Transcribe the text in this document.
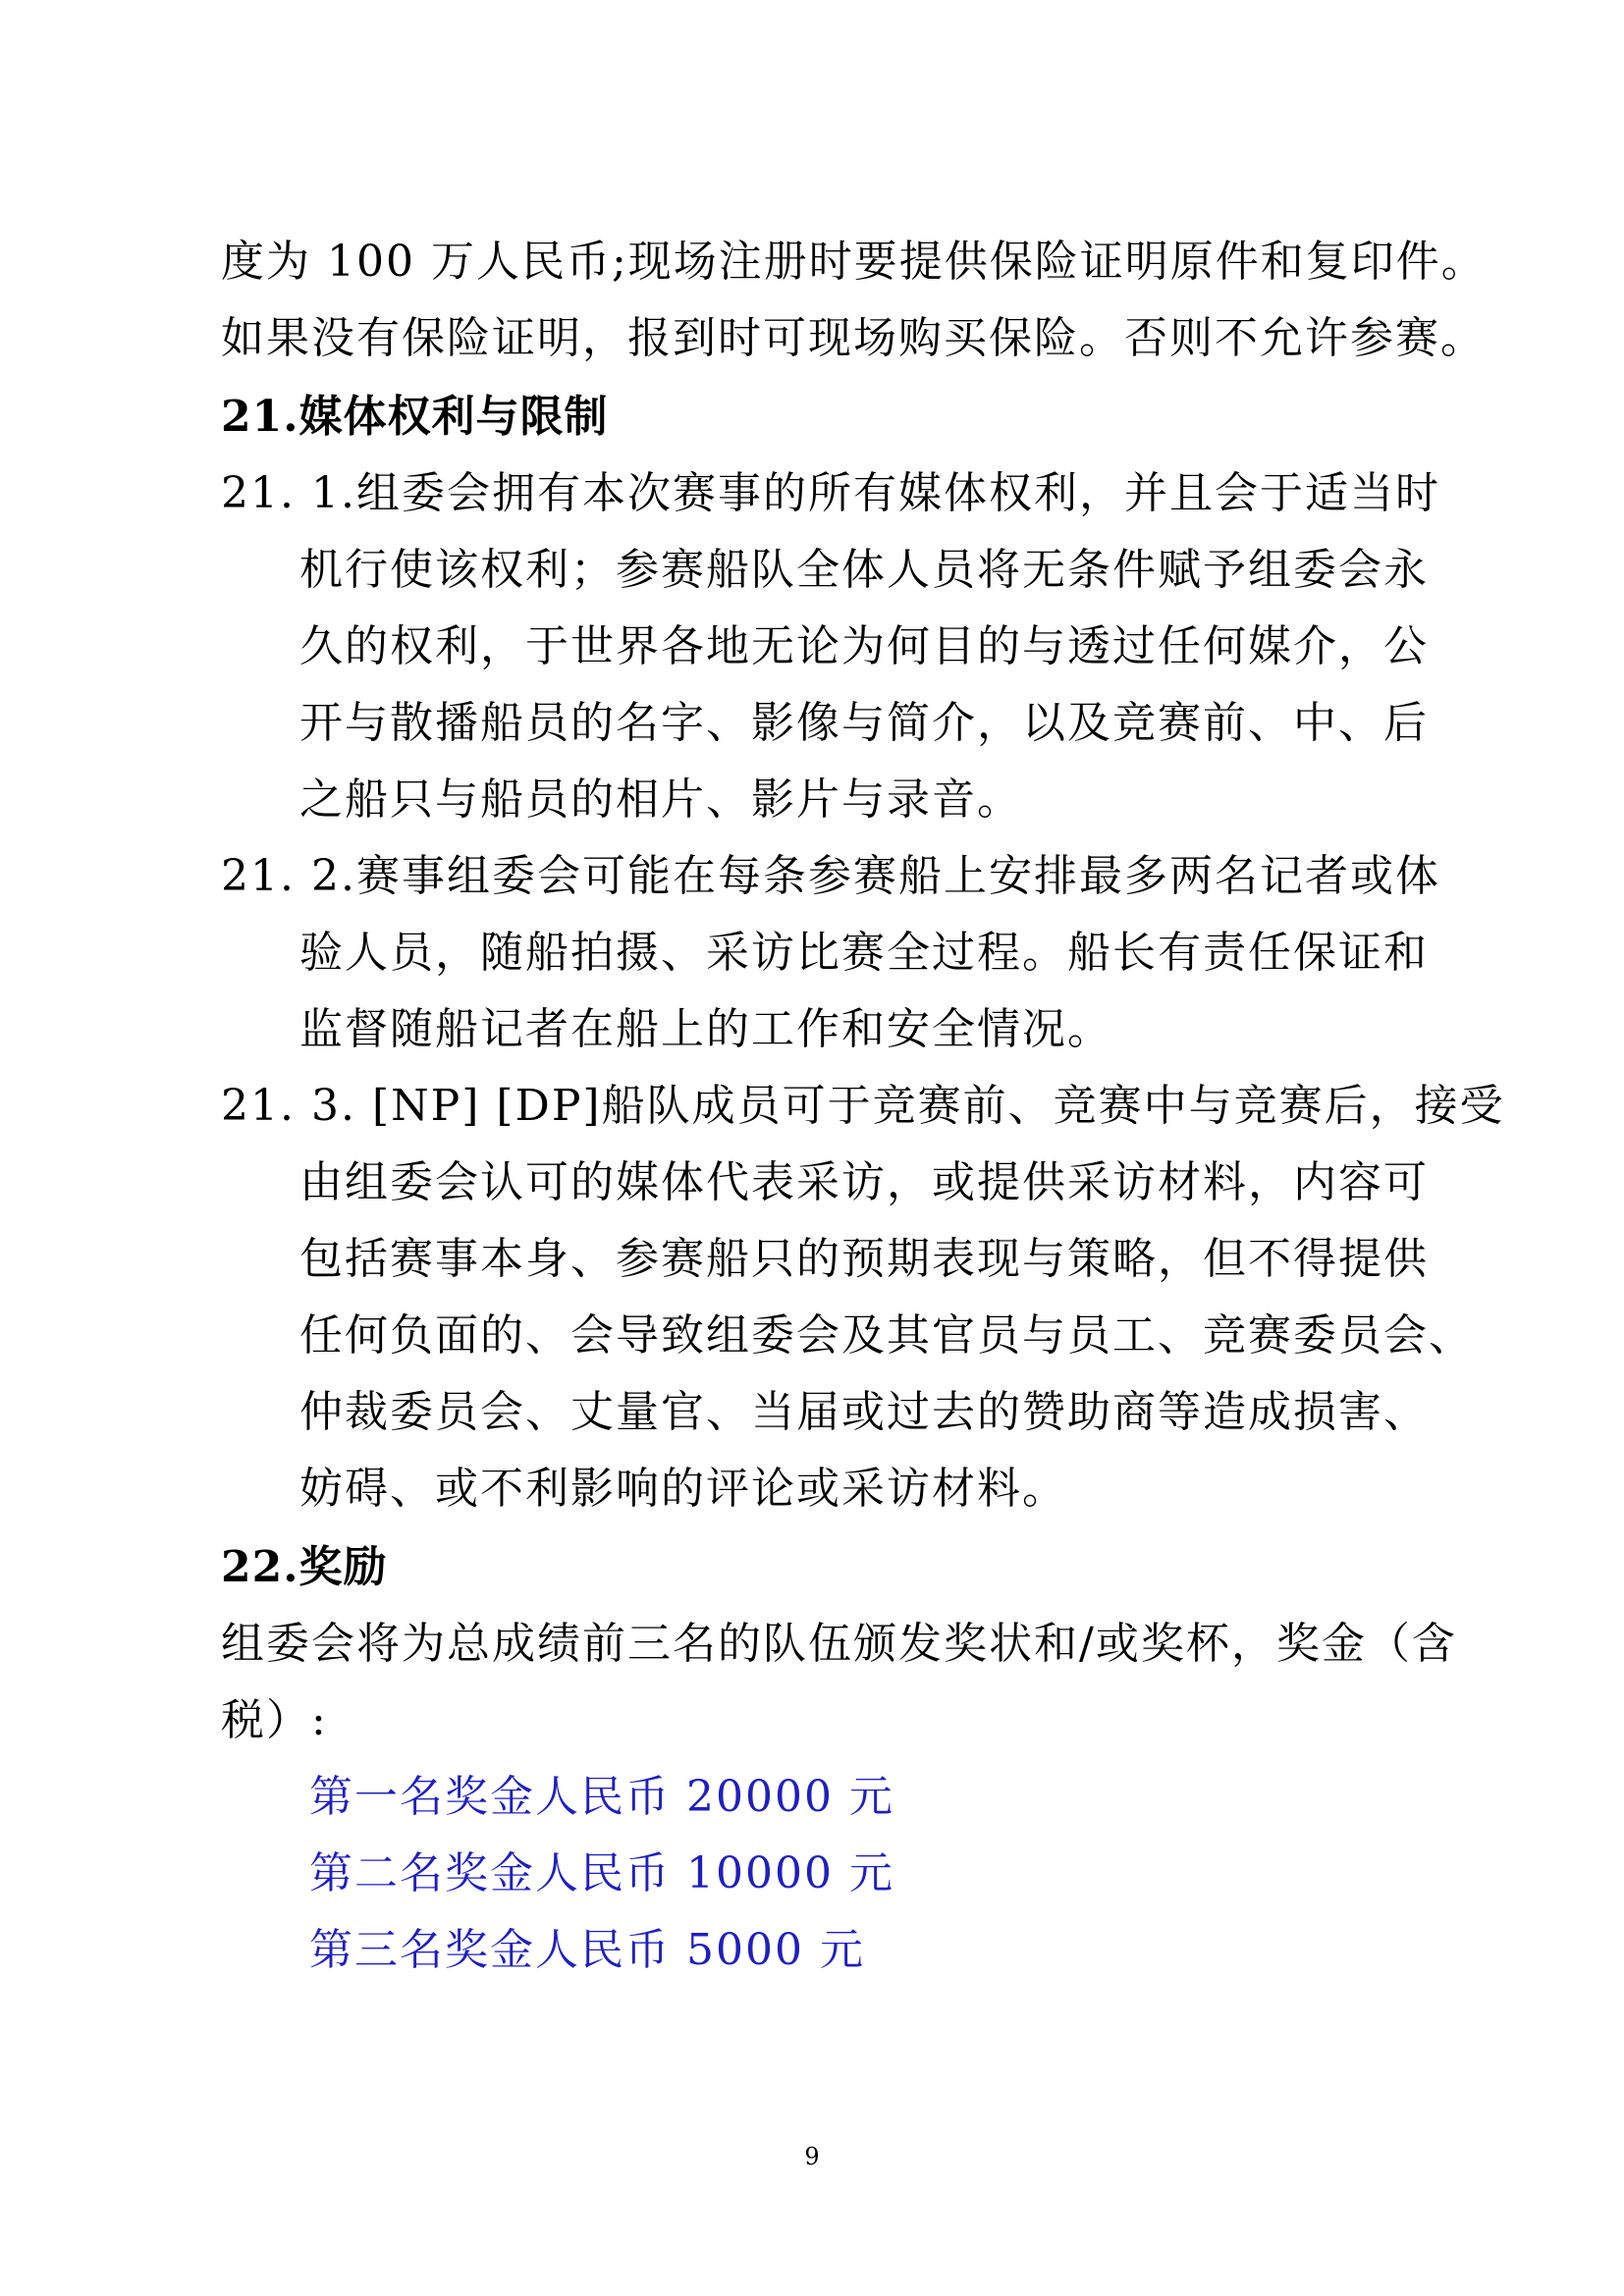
度为 100 万人民币;现场注册时要提供保险证明原件和复印件。
如果没有保险证明，报到时可现场购买保险。否则不允许参赛。
21.媒体权利与限制
21. 1.组委会拥有本次赛事的所有媒体权利，并且会于适当时
机行使该权利；参赛船队全体人员将无条件赋予组委会永
久的权利，于世界各地无论为何目的与透过任何媒介，公
开与散播船员的名字、影像与简介，以及竞赛前、中、后
之船只与船员的相片、影片与录音。
21. 2.赛事组委会可能在每条参赛船上安排最多两名记者或体
验人员，随船拍摄、采访比赛全过程。船长有责任保证和
监督随船记者在船上的工作和安全情况。
21. 3. [NP] [DP]船队成员可于竞赛前、竞赛中与竞赛后，接受
由组委会认可的媒体代表采访，或提供采访材料，内容可
包括赛事本身、参赛船只的预期表现与策略，但不得提供
任何负面的、会导致组委会及其官员与员工、竞赛委员会、
仲裁委员会、丈量官、当届或过去的赞助商等造成损害、
妨碍、或不利影响的评论或采访材料。
22.奖励
组委会将为总成绩前三名的队伍颁发奖状和/或奖杯，奖金（含
税）:
第一名奖金人民币 20000 元
第二名奖金人民币 10000 元
第三名奖金人民币 5000 元
9
